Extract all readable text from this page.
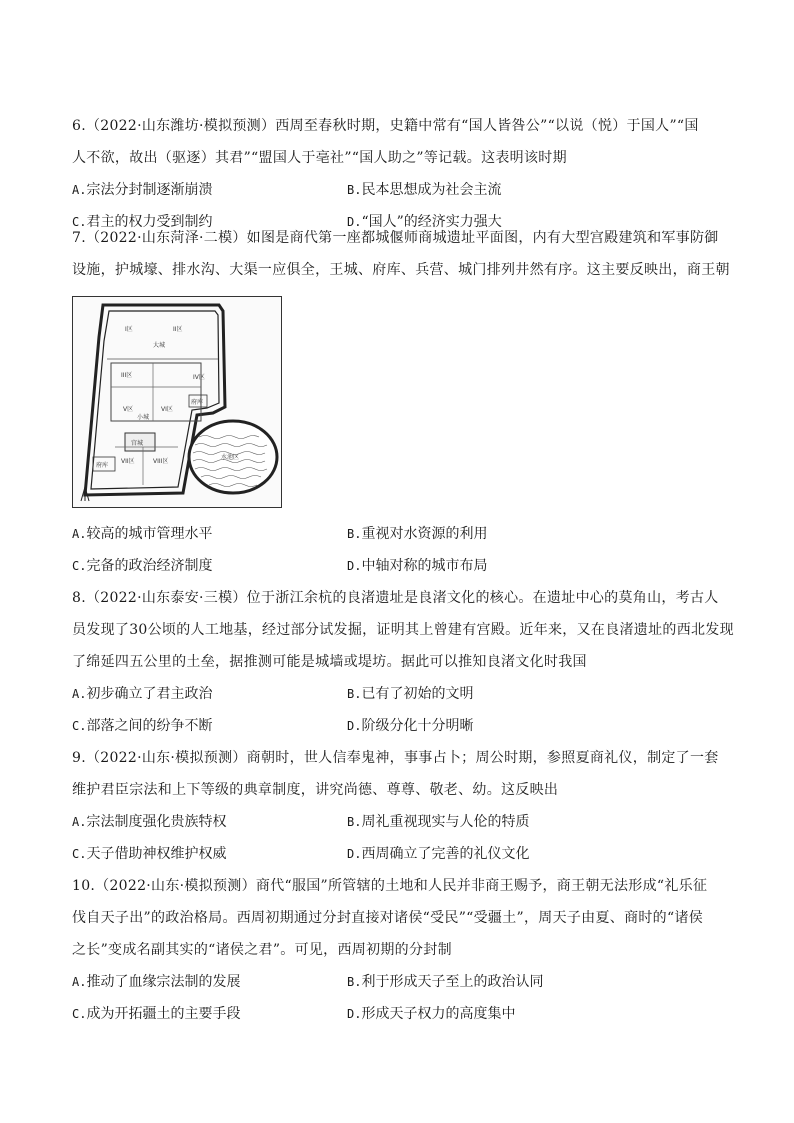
6.（2022·山东潍坊·模拟预测）西周至春秋时期，史籍中常有“国人皆咎公”“以说（悦）于国人”“国
人不欲，故出（驱逐）其君”“盟国人于亳社”“国人助之”等记载。这表明该时期
A.宗法分封制逐渐崩溃	B.民本思想成为社会主流
C.君主的权力受到制约	D.“国人”的经济实力强大
7.（2022·山东菏泽·二模）如图是商代第一座都城偃师商城遗址平面图，内有大型宫殿建筑和军事防御
设施，护城壕、排水沟、大渠一应俱全，王城、府库、兵营、城门排列井然有序。这主要反映出，商王朝
I区	II区
大城
III区	IV区
V区	VI区
小城
府库
宫城
VII区	VIII区
府库
水池区
A.较高的城市管理水平	B.重视对水资源的利用
C.完备的政治经济制度	D.中轴对称的城市布局
8.（2022·山东泰安·三模）位于浙江余杭的良渚遗址是良渚文化的核心。在遗址中心的莫角山，考古人
员发现了30公顷的人工地基，经过部分试发掘，证明其上曾建有宫殿。近年来，又在良渚遗址的西北发现
了绵延四五公里的土垒，据推测可能是城墙或堤坊。据此可以推知良渚文化时我国
A.初步确立了君主政治	B.已有了初始的文明
C.部落之间的纷争不断	D.阶级分化十分明晰
9.（2022·山东·模拟预测）商朝时，世人信奉鬼神，事事占卜；周公时期，参照夏商礼仪，制定了一套
维护君臣宗法和上下等级的典章制度，讲究尚德、尊尊、敬老、幼。这反映出
A.宗法制度强化贵族特权	B.周礼重视现实与人伦的特质
C.天子借助神权维护权威	D.西周确立了完善的礼仪文化
10.（2022·山东·模拟预测）商代“服国”所管辖的土地和人民并非商王赐予，商王朝无法形成“礼乐征
伐自天子出”的政治格局。西周初期通过分封直接对诸侯“受民”“受疆土”，周天子由夏、商时的“诸侯
之长”变成名副其实的“诸侯之君”。可见，西周初期的分封制
A.推动了血缘宗法制的发展	B.利于形成天子至上的政治认同
C.成为开拓疆土的主要手段	D.形成天子权力的高度集中
